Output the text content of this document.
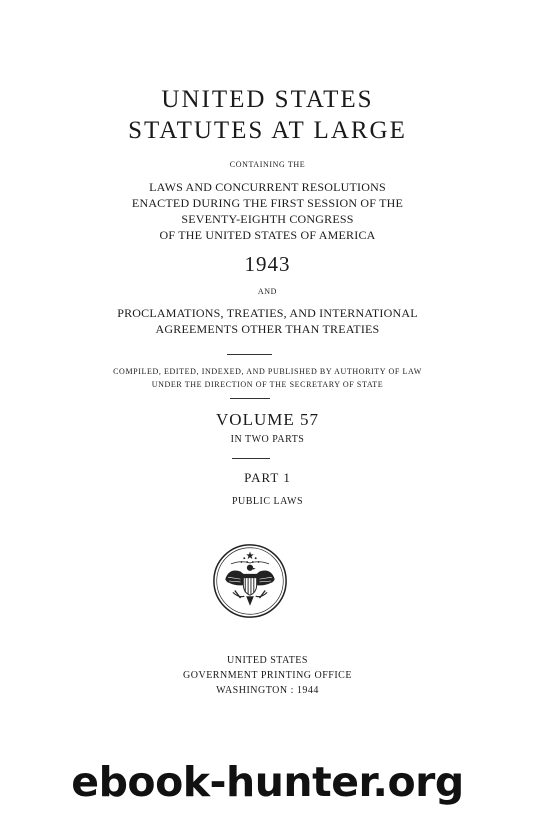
UNITED STATES
STATUTES AT LARGE
CONTAINING THE
LAWS AND CONCURRENT RESOLUTIONS
ENACTED DURING THE FIRST SESSION OF THE
SEVENTY-EIGHTH CONGRESS
OF THE UNITED STATES OF AMERICA
1943
AND
PROCLAMATIONS, TREATIES, AND INTERNATIONAL
AGREEMENTS OTHER THAN TREATIES
COMPILED, EDITED, INDEXED, AND PUBLISHED BY AUTHORITY OF LAW
UNDER THE DIRECTION OF THE SECRETARY OF STATE
VOLUME 57
IN TWO PARTS
PART 1
PUBLIC LAWS
UNITED STATES
GOVERNMENT PRINTING OFFICE
WASHINGTON : 1944
ebook-hunter.org
